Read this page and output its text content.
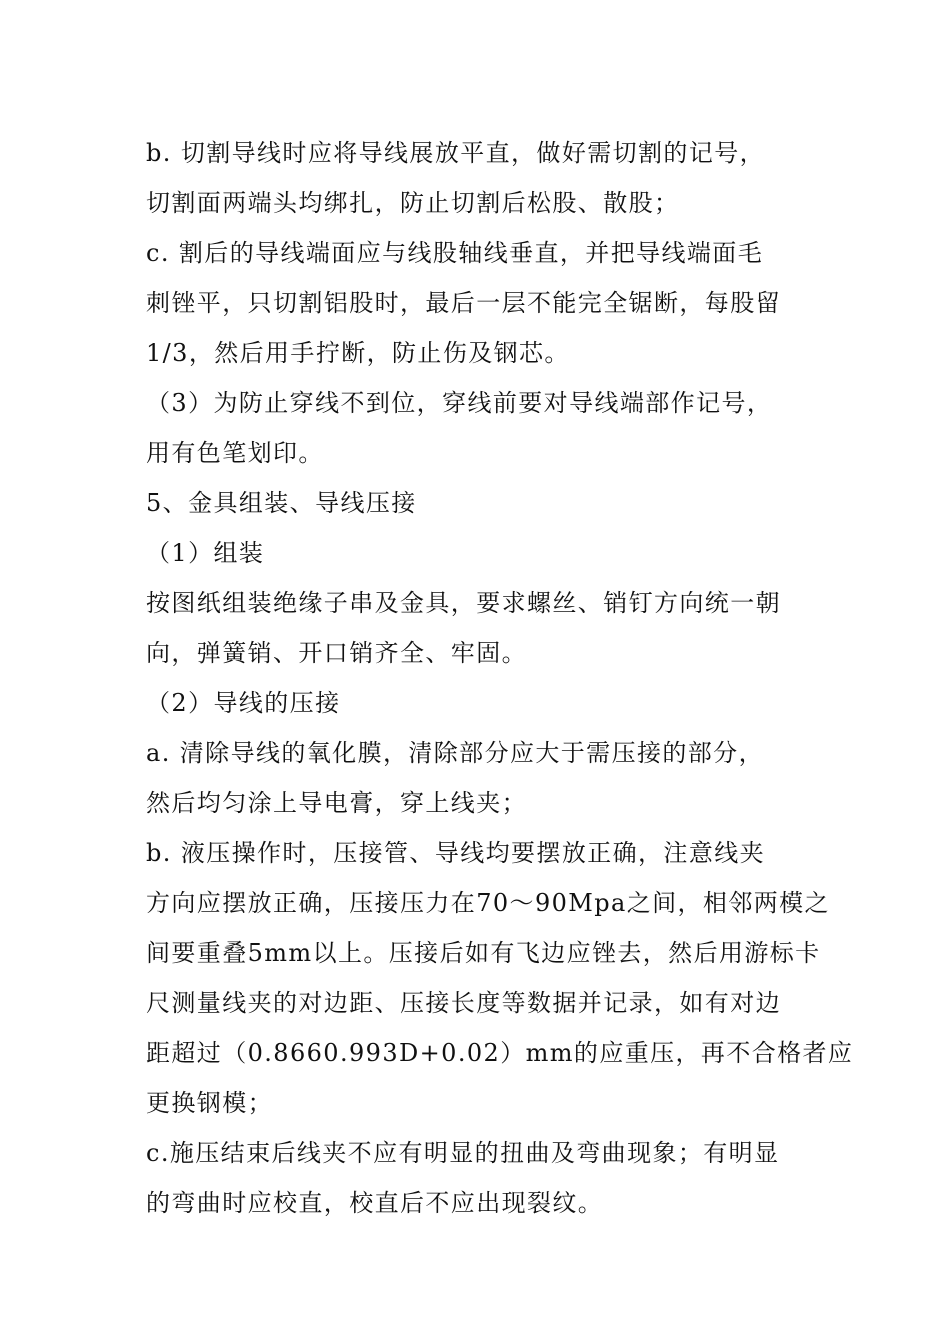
b. 切割导线时应将导线展放平直，做好需切割的记号，
切割面两端头均绑扎，防止切割后松股、散股；
c. 割后的导线端面应与线股轴线垂直，并把导线端面毛
刺锉平，只切割铝股时，最后一层不能完全锯断，每股留
1/3，然后用手拧断，防止伤及钢芯。
（3）为防止穿线不到位，穿线前要对导线端部作记号，
用有色笔划印。
5、金具组装、导线压接
（1）组装
按图纸组装绝缘子串及金具，要求螺丝、销钉方向统一朝
向，弹簧销、开口销齐全、牢固。
（2）导线的压接
a. 清除导线的氧化膜，清除部分应大于需压接的部分，
然后均匀涂上导电膏，穿上线夹；
b. 液压操作时，压接管、导线均要摆放正确，注意线夹
方向应摆放正确，压接压力在70～90Mpa之间，相邻两模之
间要重叠5mm以上。压接后如有飞边应锉去，然后用游标卡
尺测量线夹的对边距、压接长度等数据并记录，如有对边
距超过（0.8660.993D+0.02）mm的应重压，再不合格者应
更换钢模；
c.施压结束后线夹不应有明显的扭曲及弯曲现象；有明显
的弯曲时应校直，校直后不应出现裂纹。
